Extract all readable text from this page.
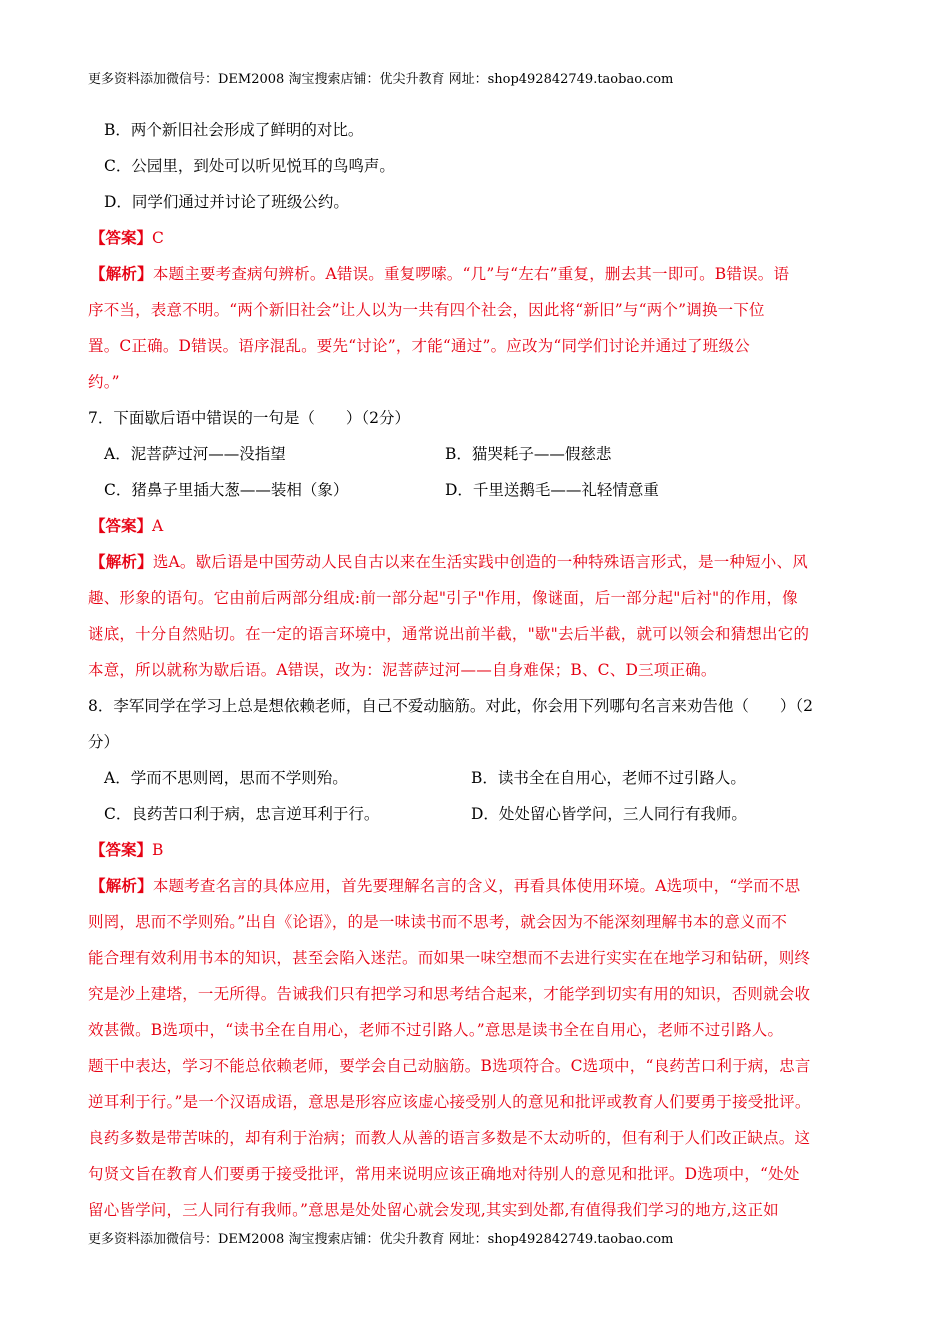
更多资料添加微信号：DEM2008 淘宝搜索店铺：优尖升教育 网址：shop492842749.taobao.com
B．两个新旧社会形成了鲜明的对比。
C．公园里，到处可以听见悦耳的鸟鸣声。
D．同学们通过并讨论了班级公约。
【答案】C
【解析】本题主要考查病句辨析。A错误。重复啰嗦。“几”与“左右”重复，删去其一即可。B错误。语
序不当，表意不明。“两个新旧社会”让人以为一共有四个社会，因此将“新旧”与“两个”调换一下位
置。C正确。D错误。语序混乱。要先“讨论”，才能“通过”。应改为“同学们讨论并通过了班级公
约。”
7．下面歇后语中错误的一句是（　　）（2分）
A．泥菩萨过河——没指望	B．猫哭耗子——假慈悲
C．猪鼻子里插大葱——装相（象）	D．千里送鹅毛——礼轻情意重
【答案】A
【解析】选A。歇后语是中国劳动人民自古以来在生活实践中创造的一种特殊语言形式，是一种短小、风
趣、形象的语句。它由前后两部分组成:前一部分起"引子"作用，像谜面，后一部分起"后衬"的作用，像
谜底，十分自然贴切。在一定的语言环境中，通常说出前半截，"歇"去后半截，就可以领会和猜想出它的
本意，所以就称为歇后语。A错误，改为：泥菩萨过河——自身难保；B、C、D三项正确。
8．李军同学在学习上总是想依赖老师，自己不爱动脑筋。对此，你会用下列哪句名言来劝告他（　　）（2
分）
A．学而不思则罔，思而不学则殆。	B．读书全在自用心，老师不过引路人。
C．良药苦口利于病，忠言逆耳利于行。	D．处处留心皆学问，三人同行有我师。
【答案】B
【解析】本题考查名言的具体应用，首先要理解名言的含义，再看具体使用环境。A选项中，“学而不思
则罔，思而不学则殆。”出自《论语》，的是一味读书而不思考，就会因为不能深刻理解书本的意义而不
能合理有效利用书本的知识，甚至会陷入迷茫。而如果一味空想而不去进行实实在在地学习和钻研，则终
究是沙上建塔，一无所得。告诫我们只有把学习和思考结合起来，才能学到切实有用的知识，否则就会收
效甚微。B选项中，“读书全在自用心，老师不过引路人。”意思是读书全在自用心，老师不过引路人。
题干中表达，学习不能总依赖老师，要学会自己动脑筋。B选项符合。C选项中，“良药苦口利于病，忠言
逆耳利于行。”是一个汉语成语，意思是形容应该虚心接受别人的意见和批评或教育人们要勇于接受批评。
良药多数是带苦味的，却有利于治病；而教人从善的语言多数是不太动听的，但有利于人们改正缺点。这
句贤文旨在教育人们要勇于接受批评，常用来说明应该正确地对待别人的意见和批评。D选项中，“处处
留心皆学问，三人同行有我师。”意思是处处留心就会发现,其实到处都,有值得我们学习的地方,这正如
更多资料添加微信号：DEM2008 淘宝搜索店铺：优尖升教育 网址：shop492842749.taobao.com
